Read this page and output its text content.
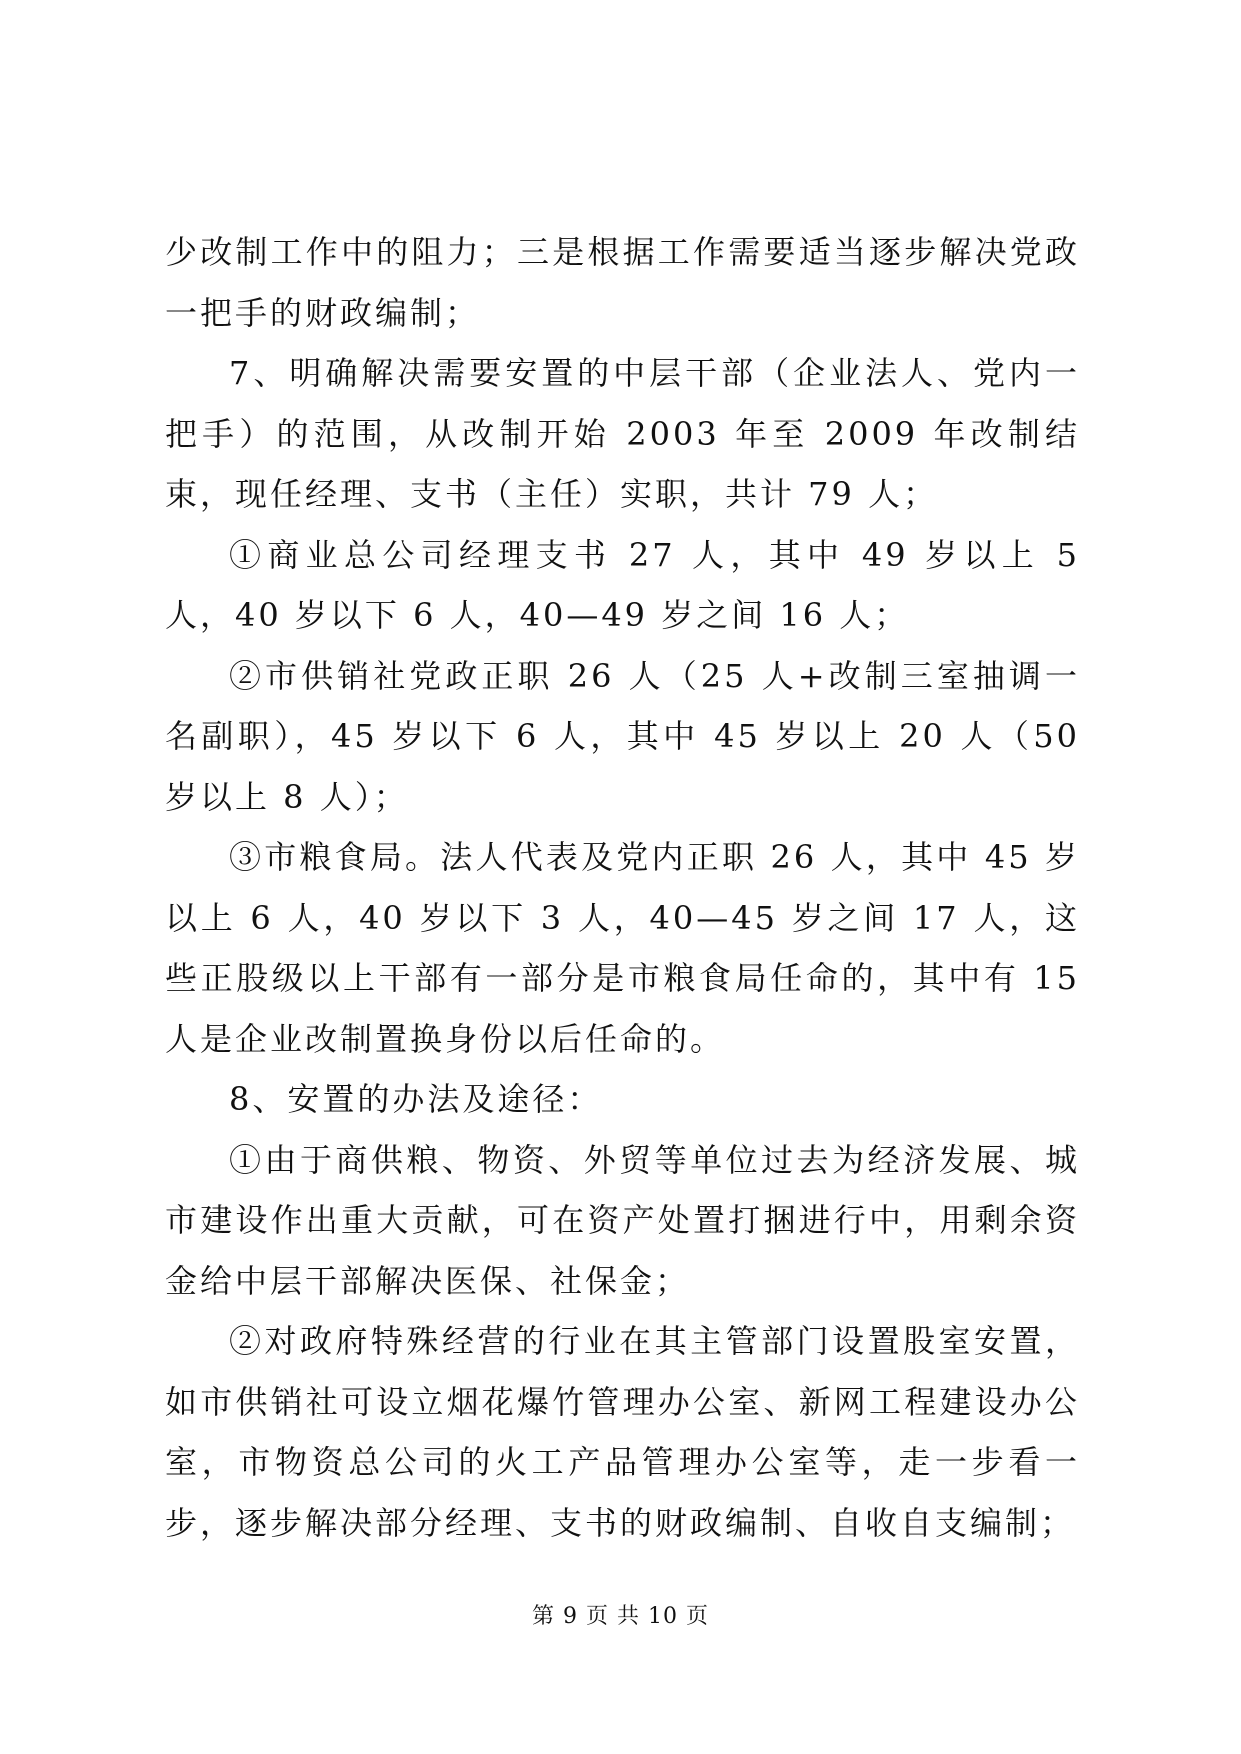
少改制工作中的阻力；三是根据工作需要适当逐步解决党政一把手的财政编制；

7、明确解决需要安置的中层干部（企业法人、党内一把手）的范围，从改制开始 2003 年至 2009 年改制结束，现任经理、支书（主任）实职，共计 79 人；

①商业总公司经理支书 27 人，其中 49 岁以上 5 人，40 岁以下 6 人，40—49 岁之间 16 人；

②市供销社党政正职 26 人（25 人+改制三室抽调一名副职），45 岁以下 6 人，其中 45 岁以上 20 人（50 岁以上 8 人）；

③市粮食局。法人代表及党内正职 26 人，其中 45 岁以上 6 人，40 岁以下 3 人，40—45 岁之间 17 人，这些正股级以上干部有一部分是市粮食局任命的，其中有 15 人是企业改制置换身份以后任命的。

8、安置的办法及途径：

①由于商供粮、物资、外贸等单位过去为经济发展、城市建设作出重大贡献，可在资产处置打捆进行中，用剩余资金给中层干部解决医保、社保金；

②对政府特殊经营的行业在其主管部门设置股室安置，如市供销社可设立烟花爆竹管理办公室、新网工程建设办公室，市物资总公司的火工产品管理办公室等，走一步看一步，逐步解决部分经理、支书的财政编制、自收自支编制；

第 9 页 共 10 页
